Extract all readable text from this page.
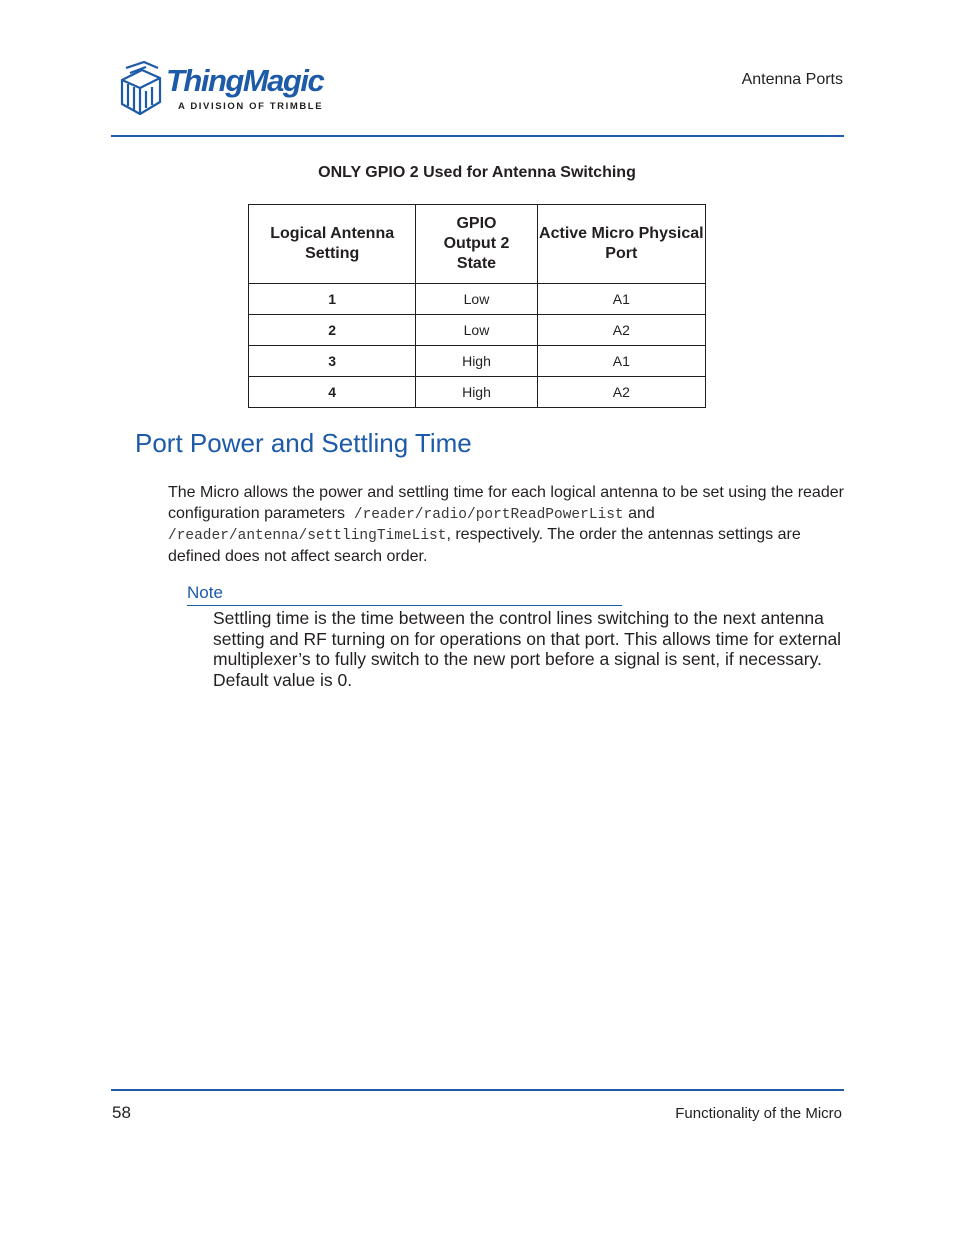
ThingMagic
A DIVISION OF TRIMBLE
Antenna Ports
ONLY GPIO 2 Used for Antenna Switching
Logical Antenna Setting	GPIO Output 2 State	Active Micro Physical Port
1	Low	A1
2	Low	A2
3	High	A1
4	High	A2
Port Power and Settling Time
The Micro allows the power and settling time for each logical antenna to be set using the reader configuration parameters /reader/radio/portReadPowerList and /reader/antenna/settlingTimeList, respectively. The order the antennas settings are defined does not affect search order.
Note
Settling time is the time between the control lines switching to the next antenna setting and RF turning on for operations on that port. This allows time for external multiplexer’s to fully switch to the new port before a signal is sent, if necessary. Default value is 0.
58	Functionality of the Micro
